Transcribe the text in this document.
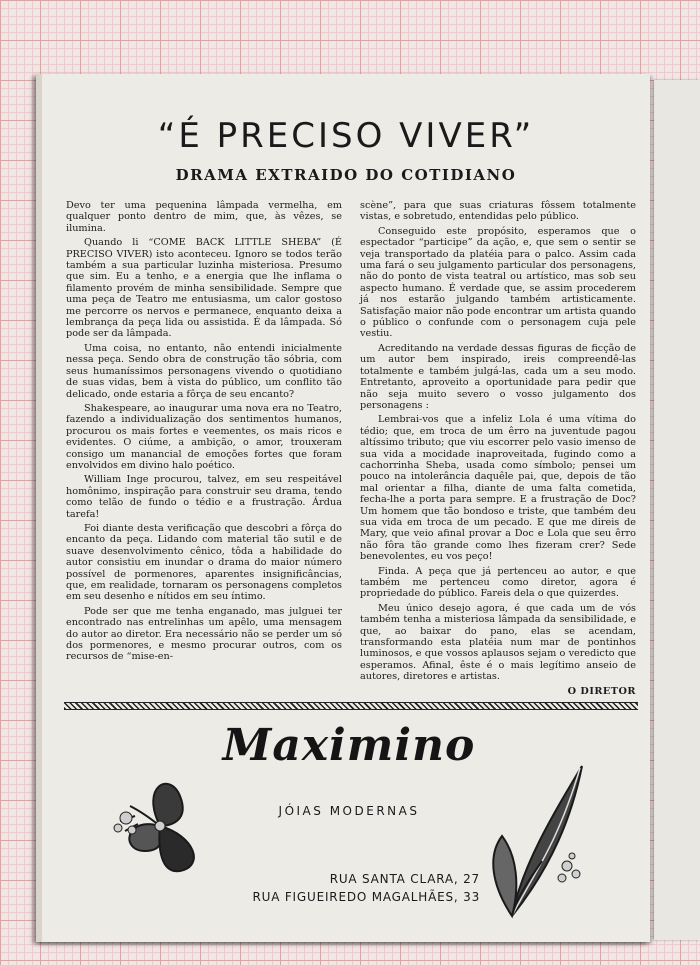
“É PRECISO VIVER”
DRAMA EXTRAIDO DO COTIDIANO

Devo ter uma pequenina lâmpada vermelha, em qualquer ponto dentro de mim, que, às vêzes, se ilumina.

Quando li “COME BACK LITTLE SHEBA” (É PRECISO VIVER) isto aconteceu. Ignoro se todos terão também a sua particular luzinha misteriosa. Presumo que sim. Eu a tenho, e a energia que lhe inflama o filamento provém de minha sensibilidade. Sempre que uma peça de Teatro me entusiasma, um calor gostoso me percorre os nervos e permanece, enquanto deixa a lembrança da peça lida ou assistida. É da lâmpada. Só pode ser da lâmpada.

Uma coisa, no entanto, não entendi inicialmente nessa peça. Sendo obra de construção tão sóbria, com seus humaníssimos personagens vivendo o quotidiano de suas vidas, bem à vista do público, um conflito tão delicado, onde estaria a fôrça de seu encanto?

Shakespeare, ao inaugurar uma nova era no Teatro, fazendo a individualização dos sentimentos humanos, procurou os mais fortes e veementes, os mais ricos e evidentes. O ciúme, a ambição, o amor, trouxeram consigo um manancial de emoções fortes que foram envolvidos em divino halo poético.

William Inge procurou, talvez, em seu respeitável homônimo, inspiração para construir seu drama, tendo como telão de fundo o tédio e a frustração. Árdua tarefa!

Foi diante desta verificação que descobri a fôrça do encanto da peça. Lidando com material tão sutil e de suave desenvolvimento cênico, tôda a habilidade do autor consistiu em inundar o drama do maior número possível de pormenores, aparentes insignificâncias, que, em realidade, tornaram os personagens completos em seu desenho e nítidos em seu íntimo.

Pode ser que me tenha enganado, mas julguei ter encontrado nas entrelinhas um apêlo, uma mensagem do autor ao diretor. Era necessário não se perder um só dos pormenores, e mesmo procurar outros, com os recursos de “mise-en-

scène”, para que suas criaturas fôssem totalmente vistas, e sobretudo, entendidas pelo público.

Conseguido este propósito, esperamos que o espectador “participe” da ação, e, que sem o sentir se veja transportado da platéia para o palco. Assim cada uma fará o seu julgamento particular dos personagens, não do ponto de vista teatral ou artístico, mas sob seu aspecto humano. É verdade que, se assim procederem já nos estarão julgando também artisticamente. Satisfação maior não pode encontrar um artista quando o público o confunde com o personagem cuja pele vestiu.

Acreditando na verdade dessas figuras de ficção de um autor bem inspirado, ireis compreendê-las totalmente e também julgá-las, cada um a seu modo. Entretanto, aproveito a oportunidade para pedir que não seja muito severo o vosso julgamento dos personagens :

Lembrai-vos que a infeliz Lola é uma vítima do tédio; que, em troca de um êrro na juventude pagou altíssimo tributo; que viu escorrer pelo vasio imenso de sua vida a mocidade inaproveitada, fugindo como a cachorrinha Sheba, usada como símbolo; pensei um pouco na intolerância daquêle pai, que, depois de tão mal orientar a filha, diante de uma falta cometida, fecha-lhe a porta para sempre. E a frustração de Doc? Um homem que tão bondoso e triste, que também deu sua vida em troca de um pecado. E que me direis de Mary, que veio afinal provar a Doc e Lola que seu êrro não fôra tão grande como lhes fizeram crer? Sede benevolentes, eu vos peço!

Finda. A peça que já pertenceu ao autor, e que também me pertenceu como diretor, agora é propriedade do público. Fareis dela o que quizerdes.

Meu único desejo agora, é que cada um de vós também tenha a misteriosa lâmpada da sensibilidade, e que, ao baixar do pano, elas se acendam, transformando esta platéia num mar de pontinhos luminosos, e que vossos aplausos sejam o veredicto que esperamos. Afinal, êste é o mais legítimo anseio de autores, diretores e artistas.

O DIRETOR
Maximino
JÓIAS MODERNAS
RUA SANTA CLARA, 27
RUA FIGUEIREDO MAGALHÃES, 33
